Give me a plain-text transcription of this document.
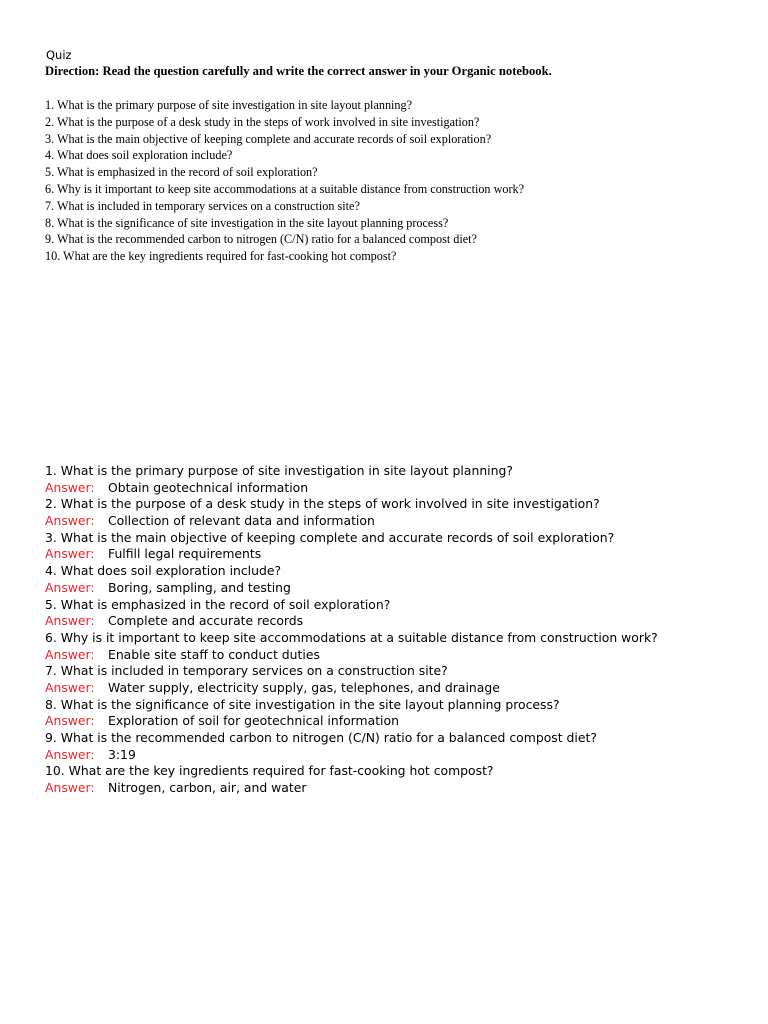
Quiz
Direction: Read the question carefully and write the correct answer in your Organic notebook.
1. What is the primary purpose of site investigation in site layout planning?
2. What is the purpose of a desk study in the steps of work involved in site investigation?
3. What is the main objective of keeping complete and accurate records of soil exploration?
4. What does soil exploration include?
5. What is emphasized in the record of soil exploration?
6. Why is it important to keep site accommodations at a suitable distance from construction work?
7. What is included in temporary services on a construction site?
8. What is the significance of site investigation in the site layout planning process?
9. What is the recommended carbon to nitrogen (C/N) ratio for a balanced compost diet?
10. What are the key ingredients required for fast-cooking hot compost?
1. What is the primary purpose of site investigation in site layout planning?
Answer: Obtain geotechnical information
2. What is the purpose of a desk study in the steps of work involved in site investigation?
Answer: Collection of relevant data and information
3. What is the main objective of keeping complete and accurate records of soil exploration?
Answer: Fulfill legal requirements
4. What does soil exploration include?
Answer: Boring, sampling, and testing
5. What is emphasized in the record of soil exploration?
Answer: Complete and accurate records
6. Why is it important to keep site accommodations at a suitable distance from construction work?
Answer: Enable site staff to conduct duties
7. What is included in temporary services on a construction site?
Answer: Water supply, electricity supply, gas, telephones, and drainage
8. What is the significance of site investigation in the site layout planning process?
Answer: Exploration of soil for geotechnical information
9. What is the recommended carbon to nitrogen (C/N) ratio for a balanced compost diet?
Answer: 3:19
10. What are the key ingredients required for fast-cooking hot compost?
Answer: Nitrogen, carbon, air, and water
